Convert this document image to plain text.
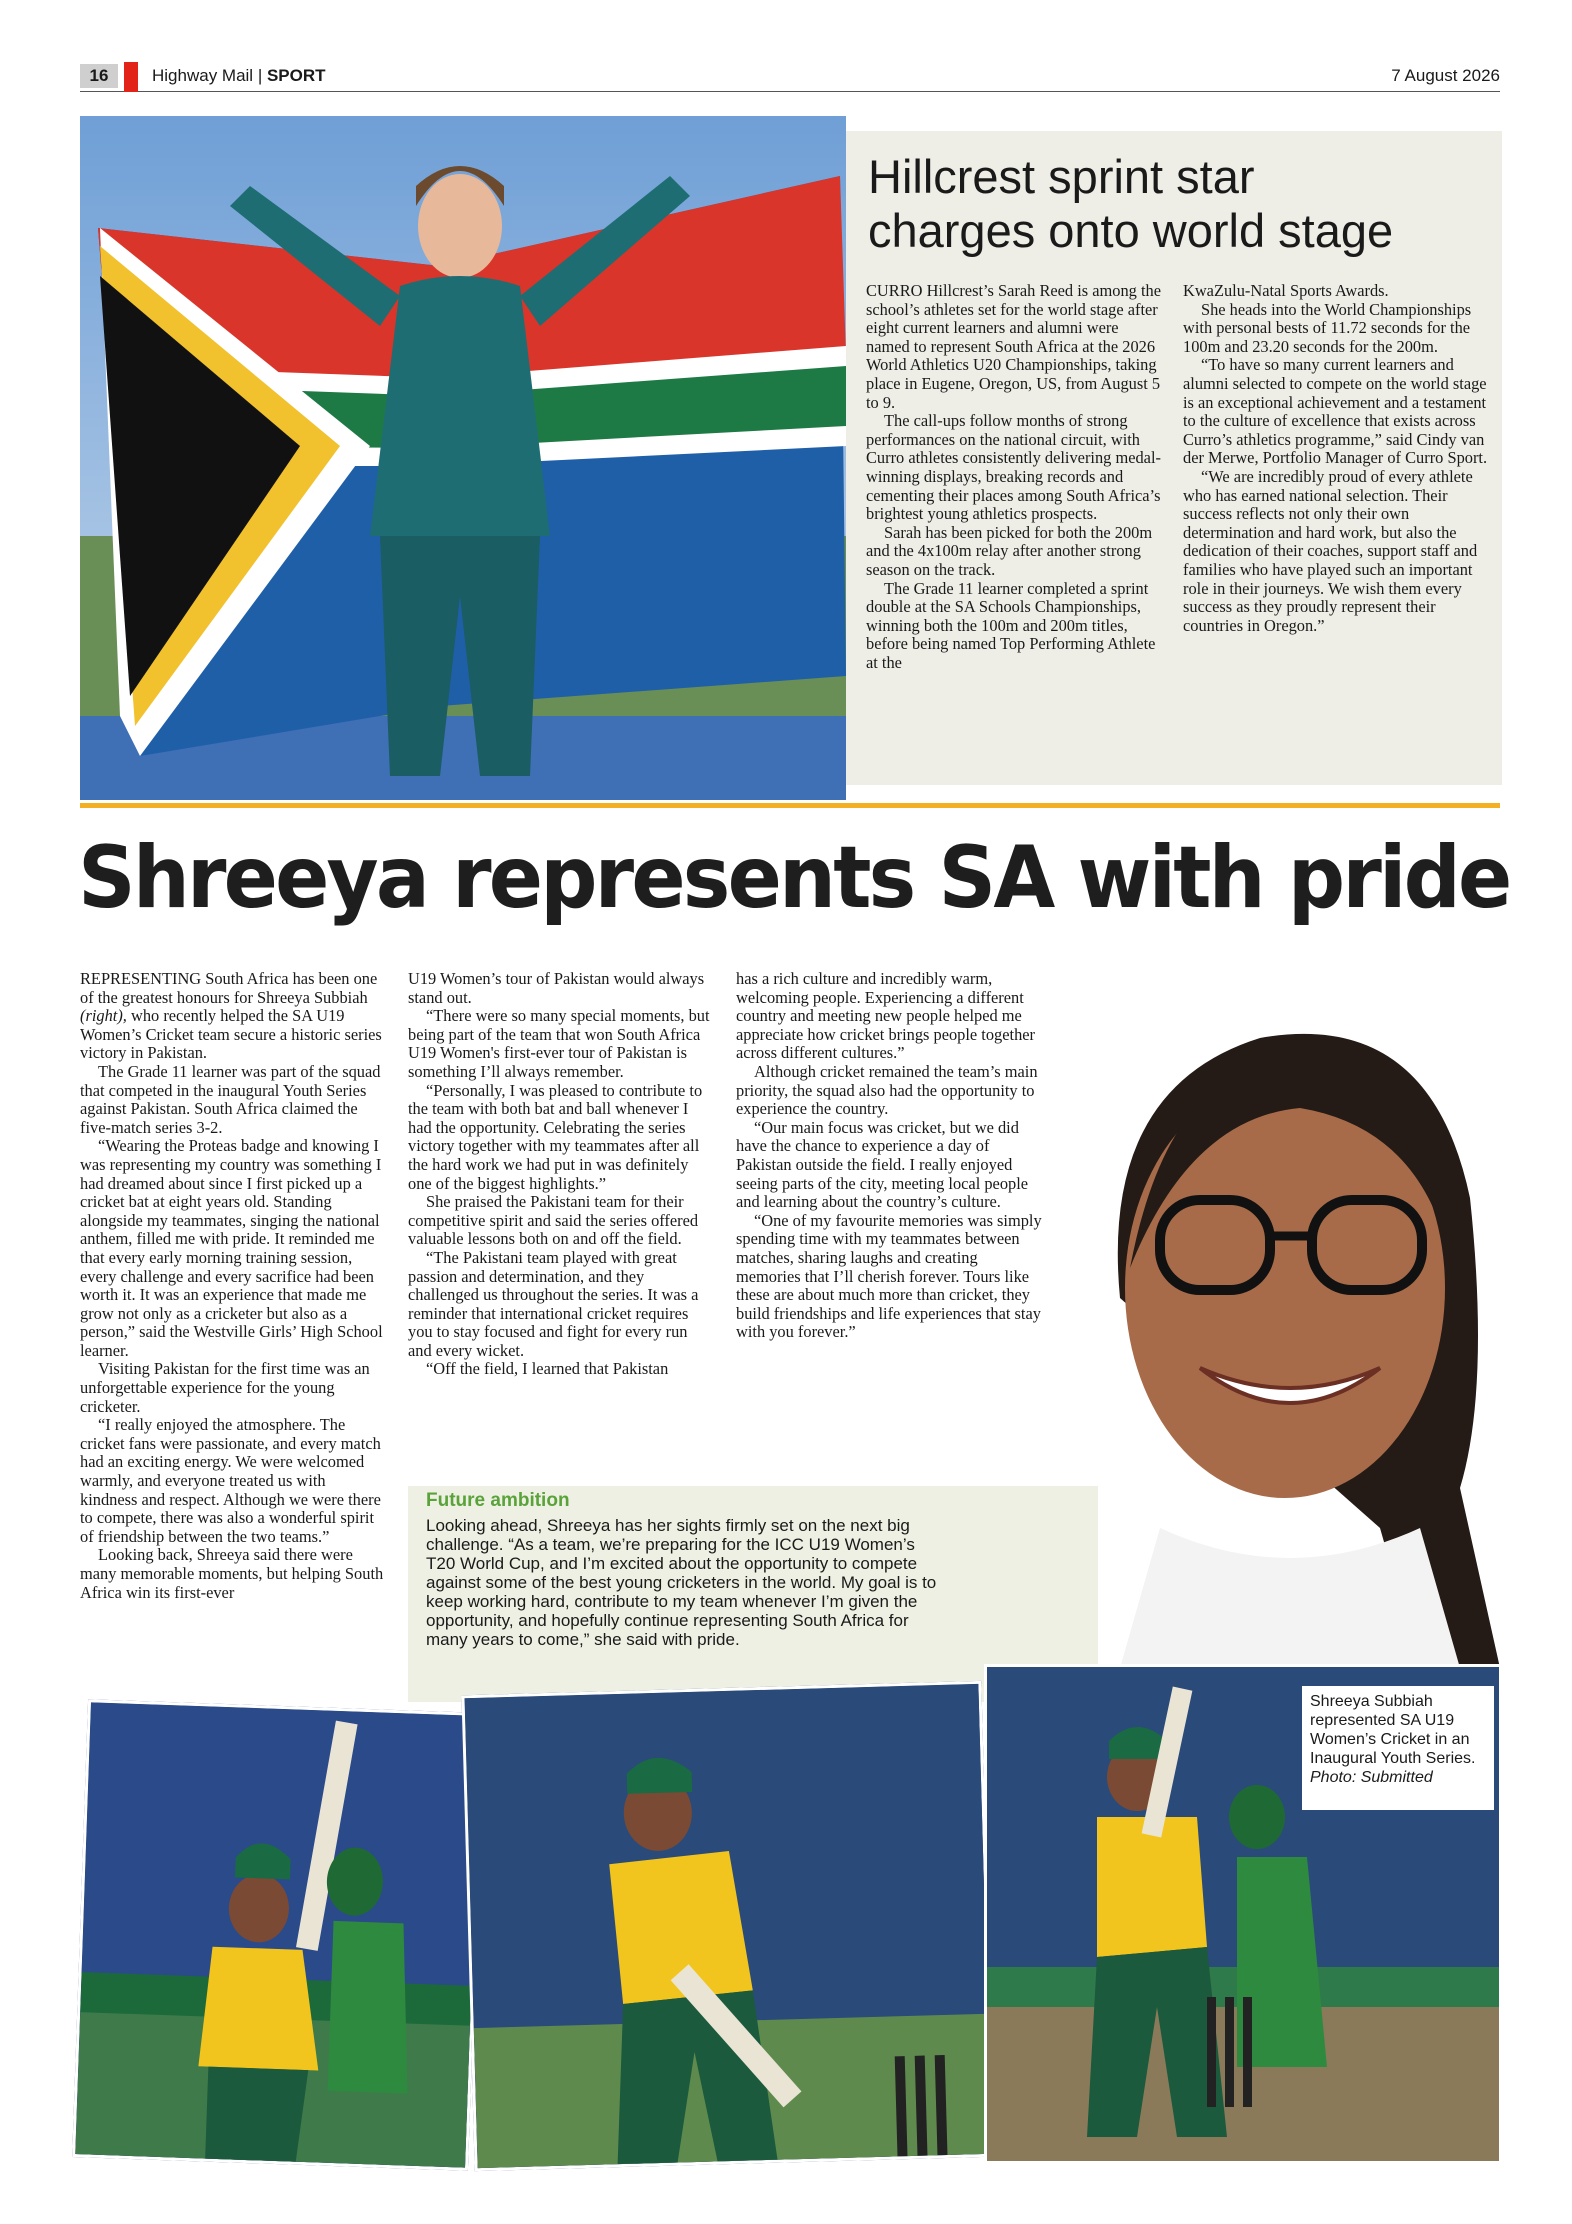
16	Highway Mail | SPORT	7 August 2026
Hillcrest sprint star
charges onto world stage

CURRO Hillcrest’s Sarah Reed is among the school’s athletes set for the world stage after eight current learners and alumni were named to represent South Africa at the 2026 World Athletics U20 Championships, taking place in Eugene, Oregon, US, from August 5 to 9.

The call-ups follow months of strong performances on the national circuit, with Curro athletes consistently delivering medal-winning displays, breaking records and cementing their places among South Africa’s brightest young athletics prospects.

Sarah has been picked for both the 200m and the 4x100m relay after another strong season on the track.

The Grade 11 learner completed a sprint double at the SA Schools Championships, winning both the 100m and 200m titles, before being named Top Performing Athlete at the

KwaZulu-Natal Sports Awards.

She heads into the World Championships with personal bests of 11.72 seconds for the 100m and 23.20 seconds for the 200m.

“To have so many current learners and alumni selected to compete on the world stage is an exceptional achievement and a testament to the culture of excellence that exists across Curro’s athletics programme,” said Cindy van der Merwe, Portfolio Manager of Curro Sport.

“We are incredibly proud of every athlete who has earned national selection. Their success reflects not only their own determination and hard work, but also the dedication of their coaches, support staff and families who have played such an important role in their journeys. We wish them every success as they proudly represent their countries in Oregon.”

Shreeya represents SA with pride

REPRESENTING South Africa has been one of the greatest honours for Shreeya Subbiah (right), who recently helped the SA U19 Women’s Cricket team secure a historic series victory in Pakistan.

The Grade 11 learner was part of the squad that competed in the inaugural Youth Series against Pakistan. South Africa claimed the five-match series 3-2.

“Wearing the Proteas badge and knowing I was representing my country was something I had dreamed about since I first picked up a cricket bat at eight years old. Standing alongside my teammates, singing the national anthem, filled me with pride. It reminded me that every early morning training session, every challenge and every sacrifice had been worth it. It was an experience that made me grow not only as a cricketer but also as a person,” said the Westville Girls’ High School learner.

Visiting Pakistan for the first time was an unforgettable experience for the young cricketer.

“I really enjoyed the atmosphere. The cricket fans were passionate, and every match had an exciting energy. We were welcomed warmly, and everyone treated us with kindness and respect. Although we were there to compete, there was also a wonderful spirit of friendship between the two teams.”

Looking back, Shreeya said there were many memorable moments, but helping South Africa win its first-ever

U19 Women’s tour of Pakistan would always stand out.

“There were so many special moments, but being part of the team that won South Africa U19 Women's first-ever tour of Pakistan is something I’ll always remember.

“Personally, I was pleased to contribute to the team with both bat and ball whenever I had the opportunity. Celebrating the series victory together with my teammates after all the hard work we had put in was definitely one of the biggest highlights.”

She praised the Pakistani team for their competitive spirit and said the series offered valuable lessons both on and off the field.

“The Pakistani team played with great passion and determination, and they challenged us throughout the series. It was a reminder that international cricket requires you to stay focused and fight for every run and every wicket.

“Off the field, I learned that Pakistan

has a rich culture and incredibly warm, welcoming people. Experiencing a different country and meeting new people helped me appreciate how cricket brings people together across different cultures.”

Although cricket remained the team’s main priority, the squad also had the opportunity to experience the country.

“Our main focus was cricket, but we did have the chance to experience a day of Pakistan outside the field. I really enjoyed seeing parts of the city, meeting local people and learning about the country’s culture.

“One of my favourite memories was simply spending time with my teammates between matches, sharing laughs and creating memories that I’ll cherish forever. Tours like these are about much more than cricket, they build friendships and life experiences that stay with you forever.”

Future ambition
Looking ahead, Shreeya has her sights firmly set on the next big challenge. “As a team, we’re preparing for the ICC U19 Women’s T20 World Cup, and I’m excited about the opportunity to compete against some of the best young cricketers in the world. My goal is to keep working hard, contribute to my team whenever I’m given the opportunity, and hopefully continue representing South Africa for many years to come,” she said with pride.
Shreeya Subbiah represented SA U19 Women’s Cricket in an Inaugural Youth Series.
Photo: Submitted
